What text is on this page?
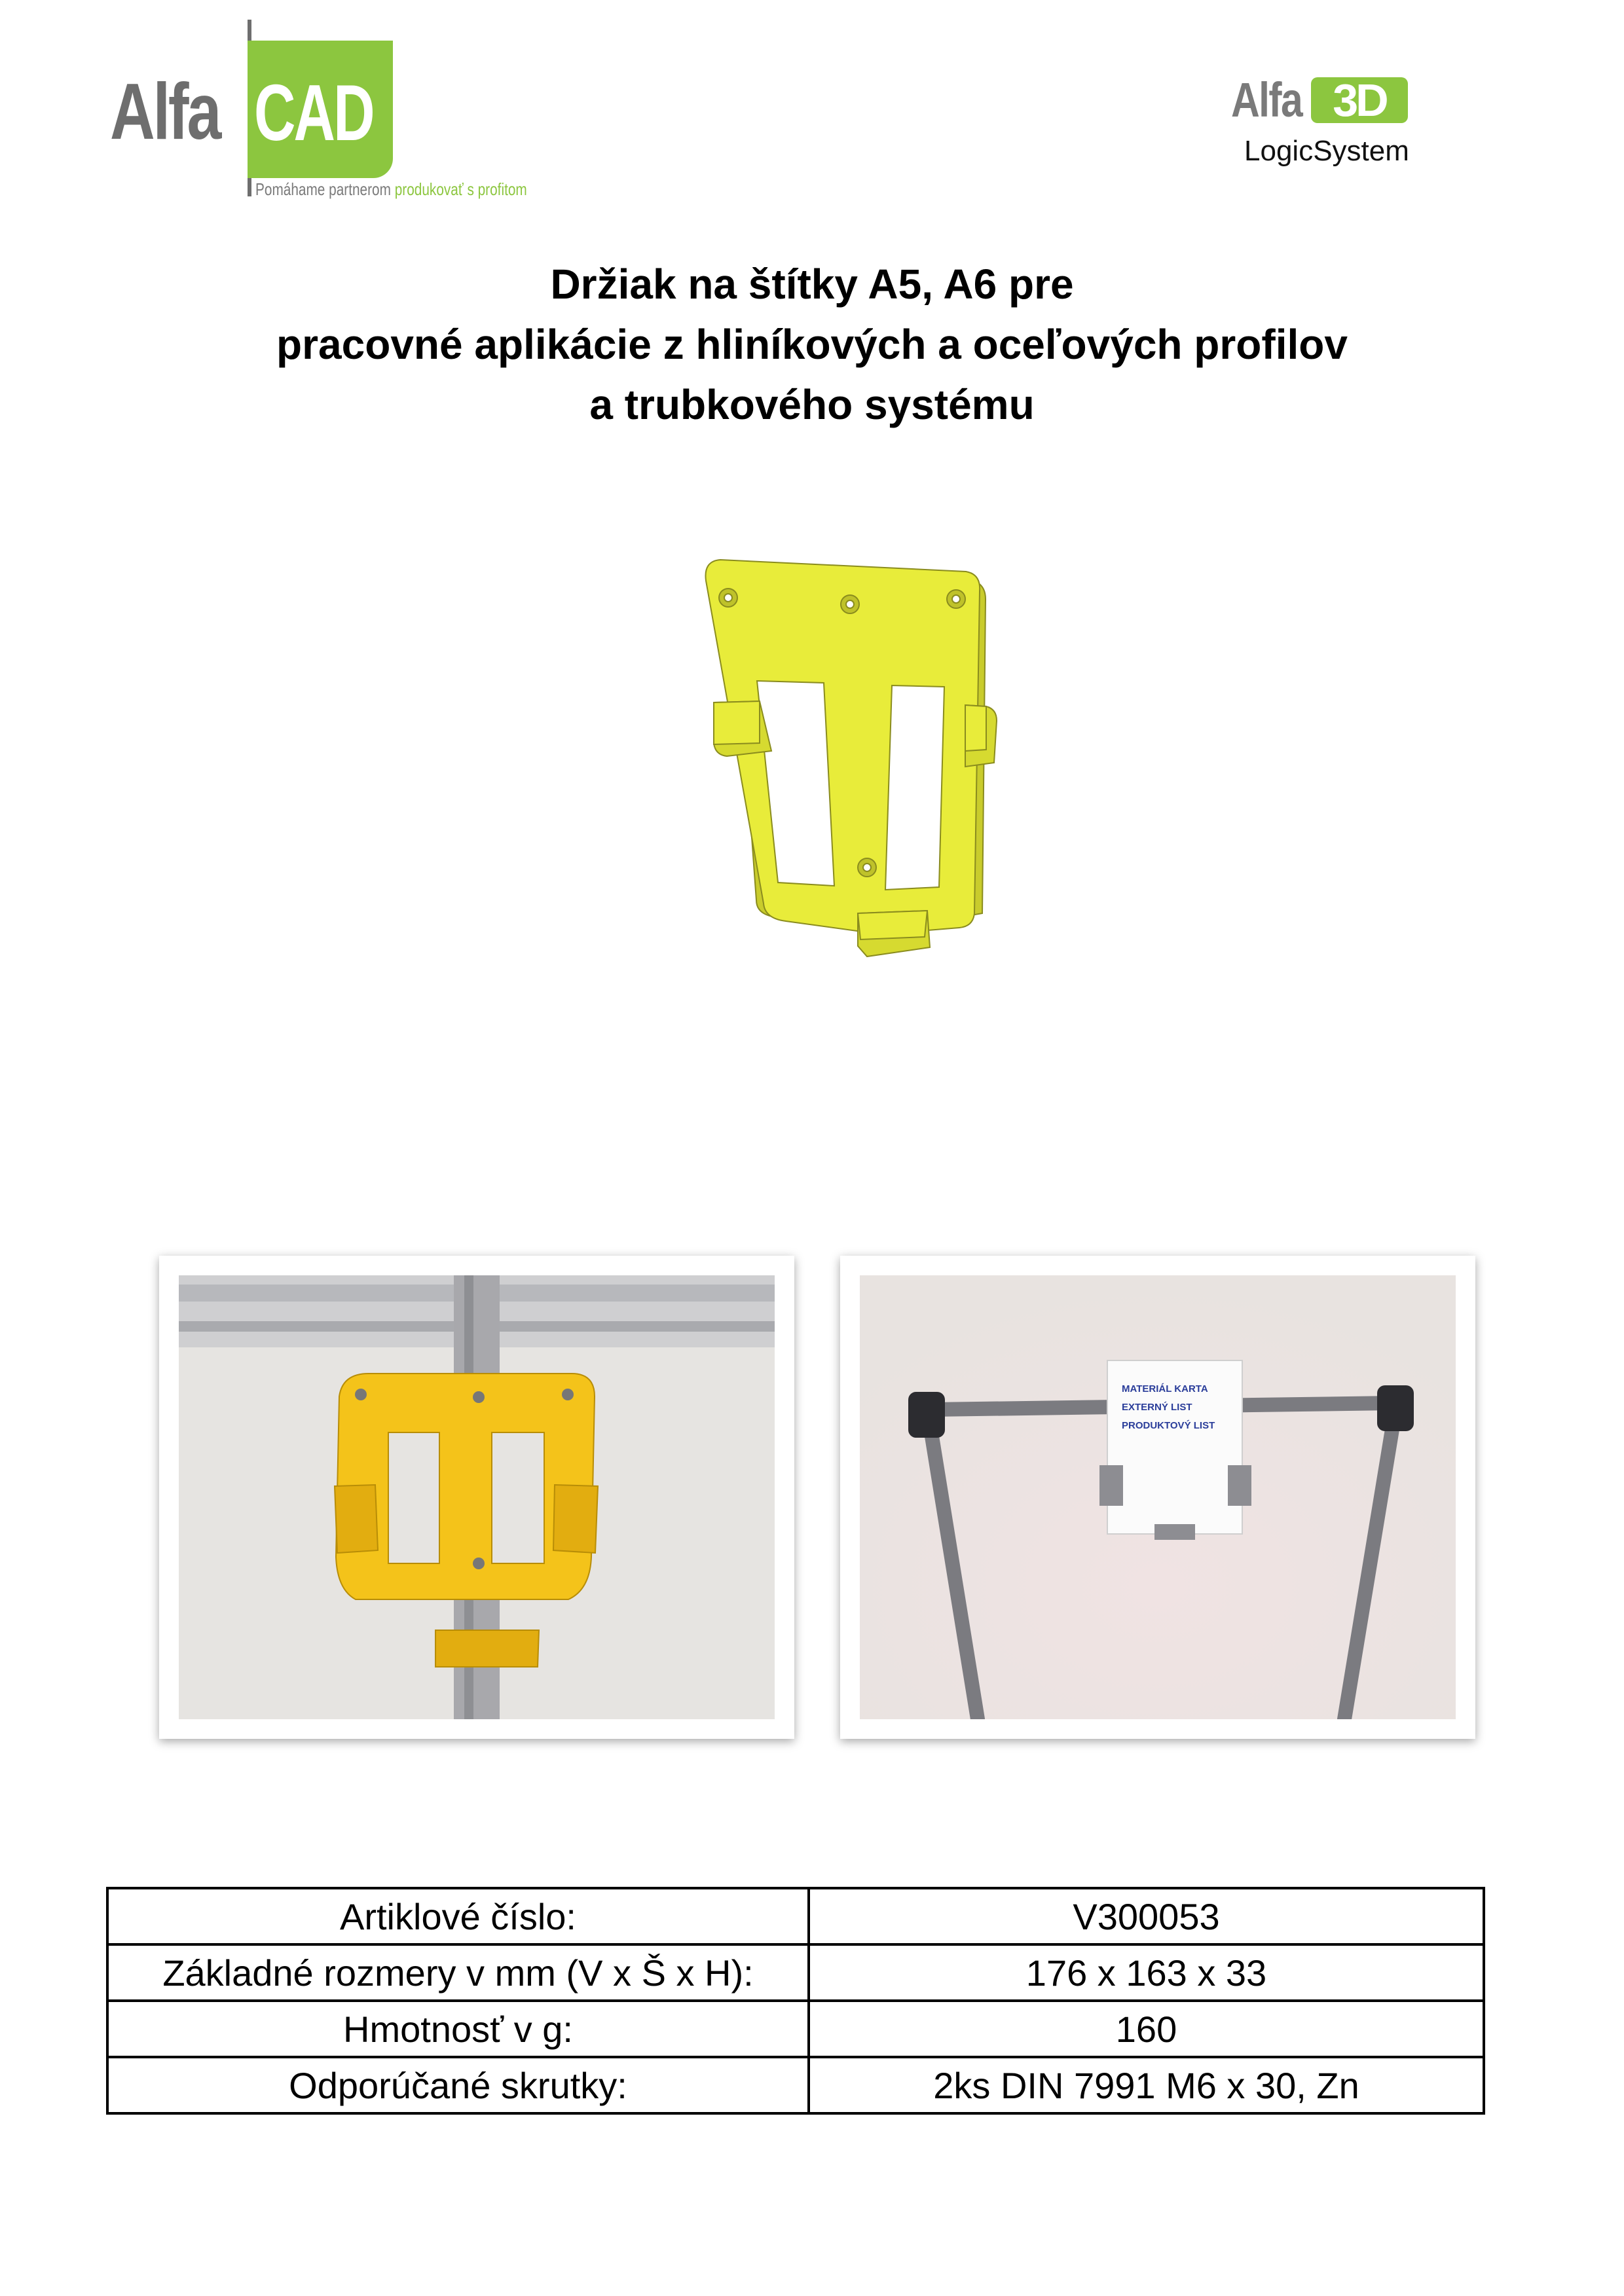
Alfa CAD
Pomáhame partnerom produkovať s profitom
Alfa 3D
LogicSystem
Držiak na štítky A5, A6 pre
pracovné aplikácie z hliníkových a oceľových profilov
a trubkového systému
MATERIÁL KARTA
EXTERNÝ LIST
PRODUKTOVÝ LIST
Artiklové číslo:	V300053
Základné rozmery v mm (V x Š x H):	176 x 163 x 33
Hmotnosť v g:	160
Odporúčané skrutky:	2ks DIN 7991 M6 x 30, Zn
